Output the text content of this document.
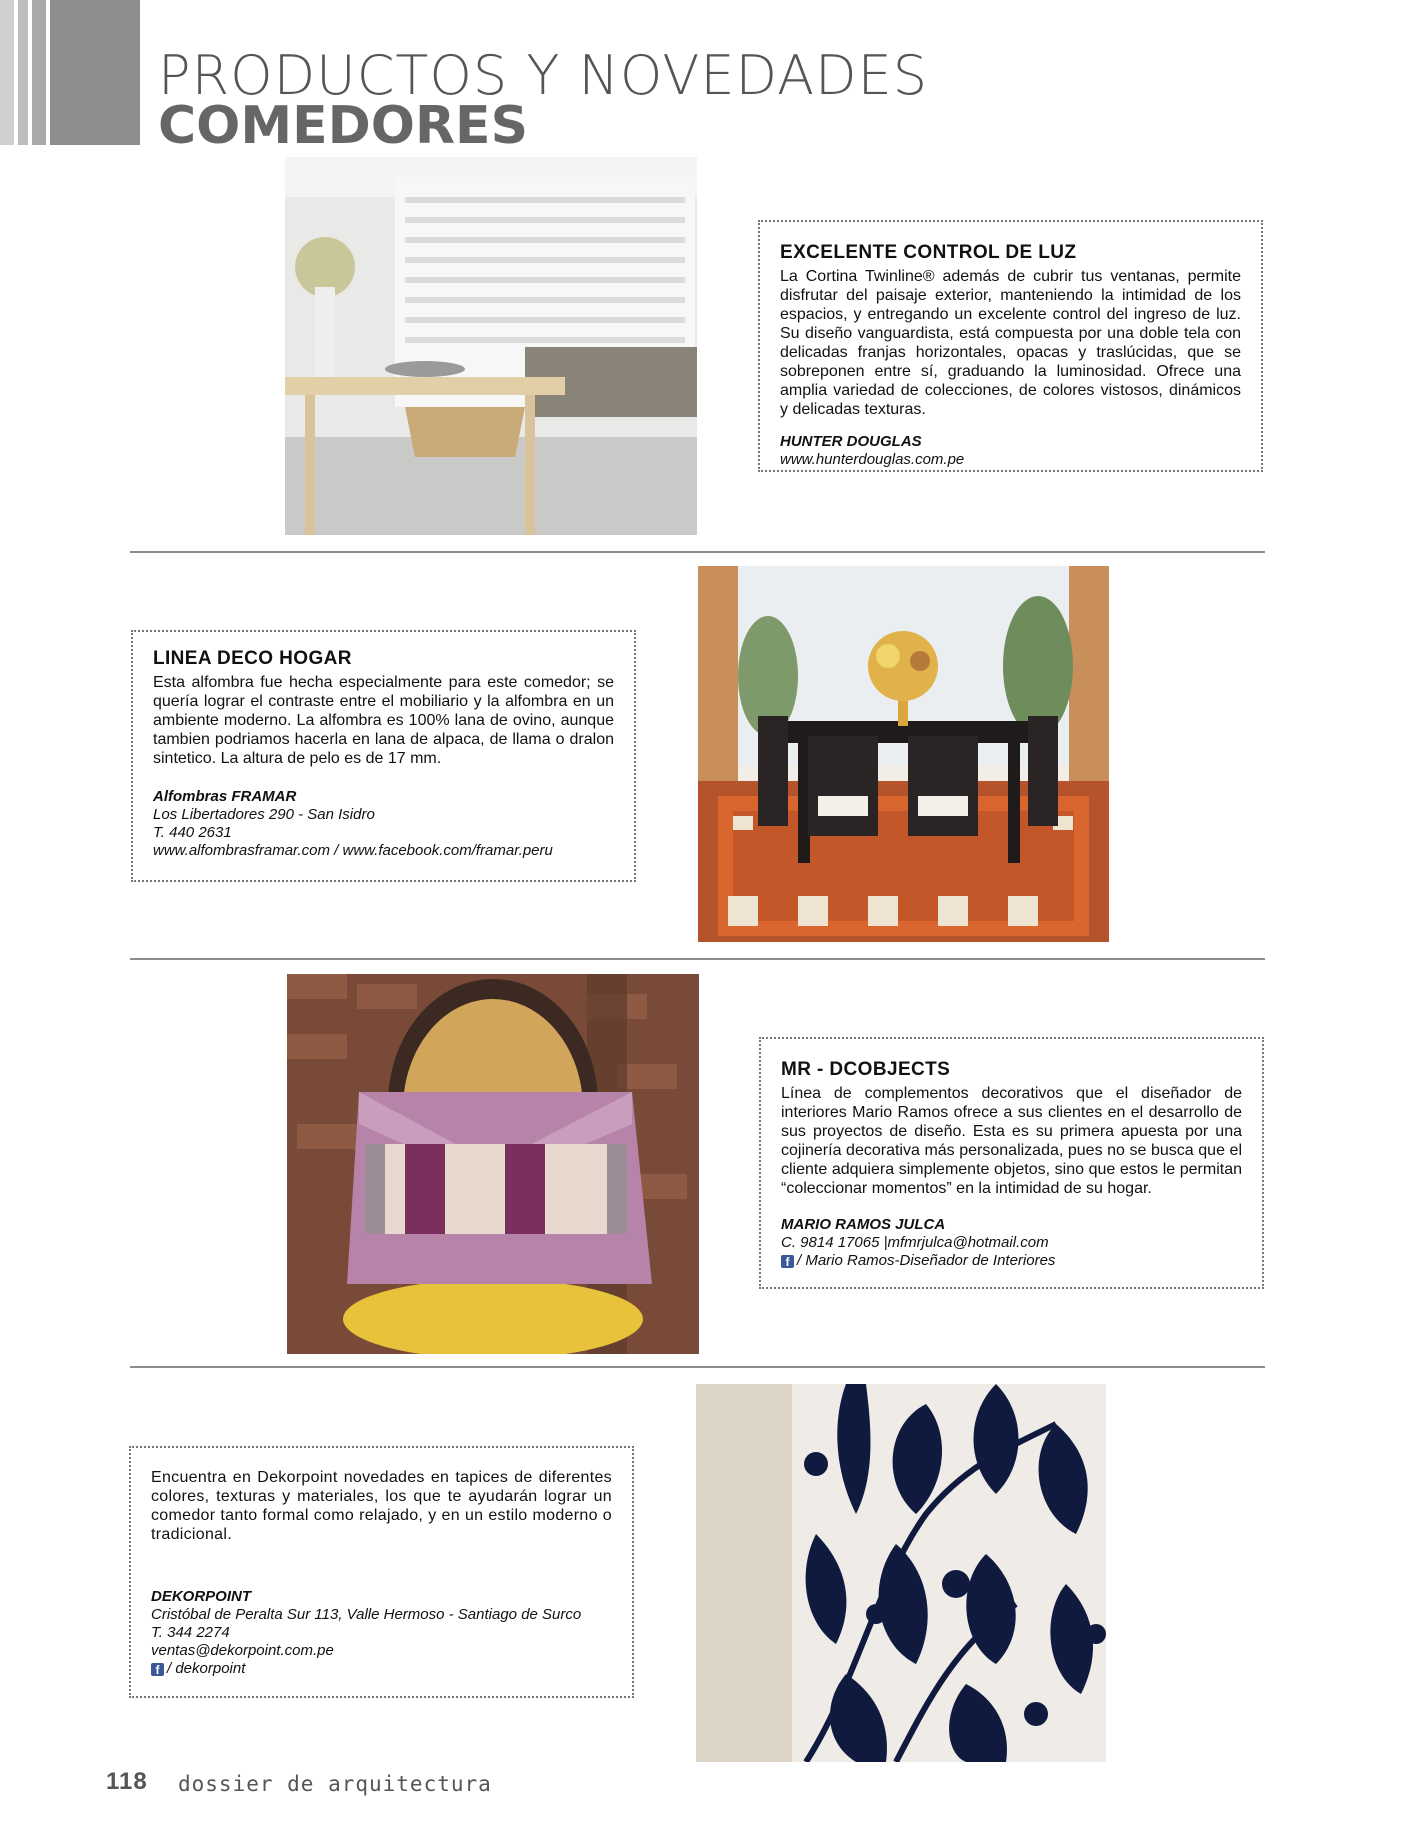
PRODUCTOS Y NOVEDADES
COMEDORES
EXCELENTE CONTROL DE LUZ

La Cortina Twinline® además de cubrir tus ventanas, permite disfrutar del paisaje exterior, manteniendo la intimidad de los espacios, y entregando un excelente control del ingreso de luz. Su diseño vanguardista, está compuesta por una doble tela con delicadas franjas horizontales, opacas y traslúcidas, que se sobreponen entre sí, graduando la luminosidad. Ofrece una amplia variedad de colecciones, de colores vistosos, dinámicos y delicadas texturas.

HUNTER DOUGLAS

www.hunterdouglas.com.pe

LINEA DECO HOGAR

Esta alfombra fue hecha especialmente para este comedor; se quería lograr el contraste entre el mobiliario y la alfombra en un ambiente moderno. La alfombra es 100% lana de ovino, aunque tambien podriamos hacerla en lana de alpaca, de llama o dralon sintetico. La altura de pelo es de 17 mm.

Alfombras FRAMAR

Los Libertadores 290 - San Isidro

T. 440 2631

www.alfombrasframar.com / www.facebook.com/framar.peru

MR - DCOBJECTS

Línea de complementos decorativos que el diseñador de interiores Mario Ramos ofrece a sus clientes en el desarrollo de sus proyectos de diseño. Esta es su primera apuesta por una cojinería decorativa más personalizada, pues no se busca que el cliente adquiera simplemente objetos, sino que estos le permitan “coleccionar momentos” en la intimidad de su hogar.

MARIO RAMOS JULCA

C. 9814 17065 |mfmrjulca@hotmail.com

f / Mario Ramos-Diseñador de Interiores

Encuentra en Dekorpoint novedades en tapices de diferentes colores, texturas y materiales, los que te ayudarán lograr un comedor tanto formal como relajado, y en un estilo moderno o tradicional.

DEKORPOINT

Cristóbal de Peralta Sur 113, Valle Hermoso - Santiago de Surco

T. 344 2274

ventas@dekorpoint.com.pe

f / dekorpoint

118 dossier de arquitectura
